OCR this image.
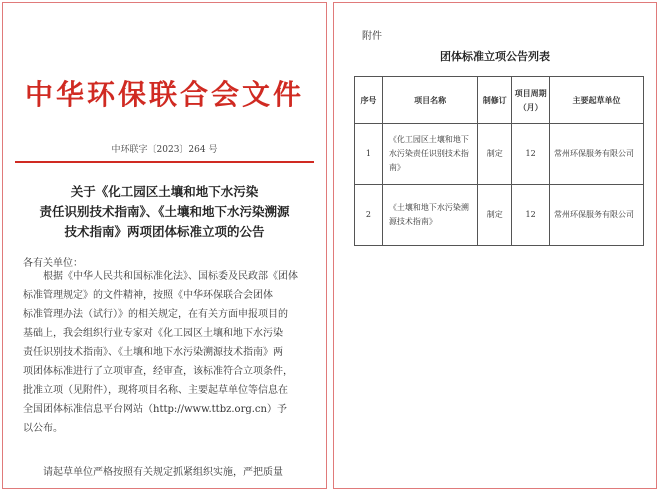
中华环保联合会文件
中环联字〔2023〕264 号
关于《化工园区土壤和地下水污染
责任识别技术指南》、《土壤和地下水污染溯源
技术指南》两项团体标准立项的公告
各有关单位：
根据《中华人民共和国标准化法》、国标委及民政部《团体
标准管理规定》的文件精神，按照《中华环保联合会团体
标准管理办法（试行）》的相关规定，在有关方面申报项目的
基础上，我会组织行业专家对《化工园区土壤和地下水污染
责任识别技术指南》、《土壤和地下水污染溯源技术指南》两
项团体标准进行了立项审查，经审查，该标准符合立项条件，
批准立项（见附件），现将项目名称、主要起草单位等信息在
全国团体标准信息平台网站（http://www.ttbz.org.cn）予
以公布。
请起草单位严格按照有关规定抓紧组织实施，严把质量
附件
团体标准立项公告列表
序号	项目名称	制修订	项目周期
（月）	主要起草单位
1	《化工园区土壤和地下
水污染责任识别技术指
南》	制定	12	常州环保服务有限公司
2	《土壤和地下水污染溯
源技术指南》	制定	12	常州环保服务有限公司
